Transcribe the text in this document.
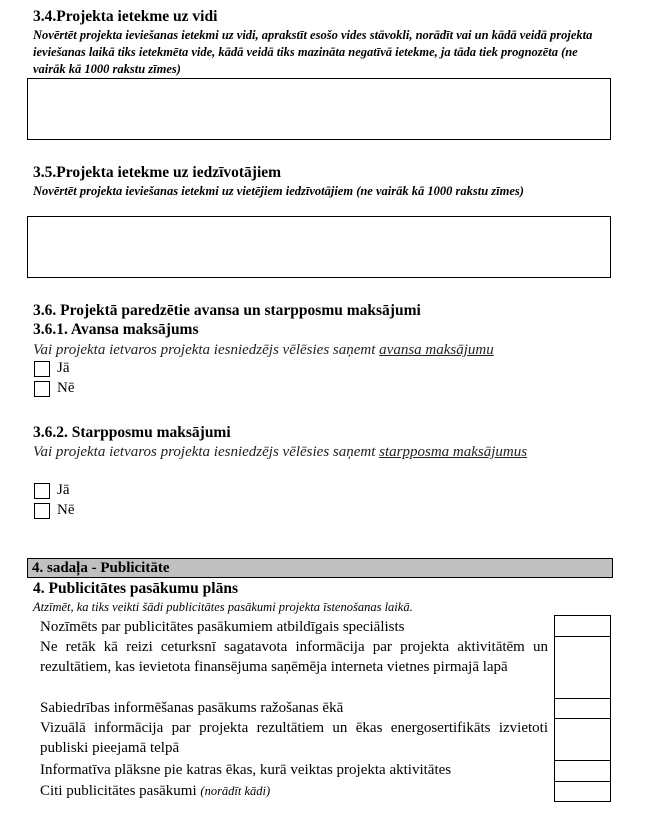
3.4.Projekta ietekme uz vidi
Novērtēt projekta ieviešanas ietekmi uz vidi, aprakstīt esošo vides stāvokli, norādīt vai un kādā veidā projekta ieviešanas laikā tiks ietekmēta vide, kādā veidā tiks mazināta negatīvā ietekme, ja tāda tiek prognozēta (ne vairāk kā 1000 rakstu zīmes)
3.5.Projekta ietekme uz iedzīvotājiem
Novērtēt projekta ieviešanas ietekmi uz vietējiem iedzīvotājiem (ne vairāk kā 1000 rakstu zīmes)
3.6. Projektā paredzētie avansa un starpposmu maksājumi
3.6.1. Avansa maksājums
Vai projekta ietvaros projekta iesniedzējs vēlēsies saņemt avansa maksājumu
Jā
Nē
3.6.2. Starpposmu maksājumi
Vai projekta ietvaros projekta iesniedzējs vēlēsies saņemt starpposma maksājumus
Jā
Nē
4. sadaļa - Publicitāte
4. Publicitātes pasākumu plāns
Atzīmēt, ka tiks veikti šādi publicitātes pasākumi projekta īstenošanas laikā.
Nozīmēts par publicitātes pasākumiem atbildīgais speciālists
Ne retāk kā reizi ceturksnī sagatavota informācija par projekta aktivitātēm un rezultātiem, kas ievietota finansējuma saņēmēja interneta vietnes pirmajā lapā
Sabiedrības informēšanas pasākums ražošanas ēkā
Vizuālā informācija par projekta rezultātiem un ēkas energosertifikāts izvietoti publiski pieejamā telpā
Informatīva plāksne pie katras ēkas, kurā veiktas projekta aktivitātes
Citi publicitātes pasākumi (norādīt kādi)
